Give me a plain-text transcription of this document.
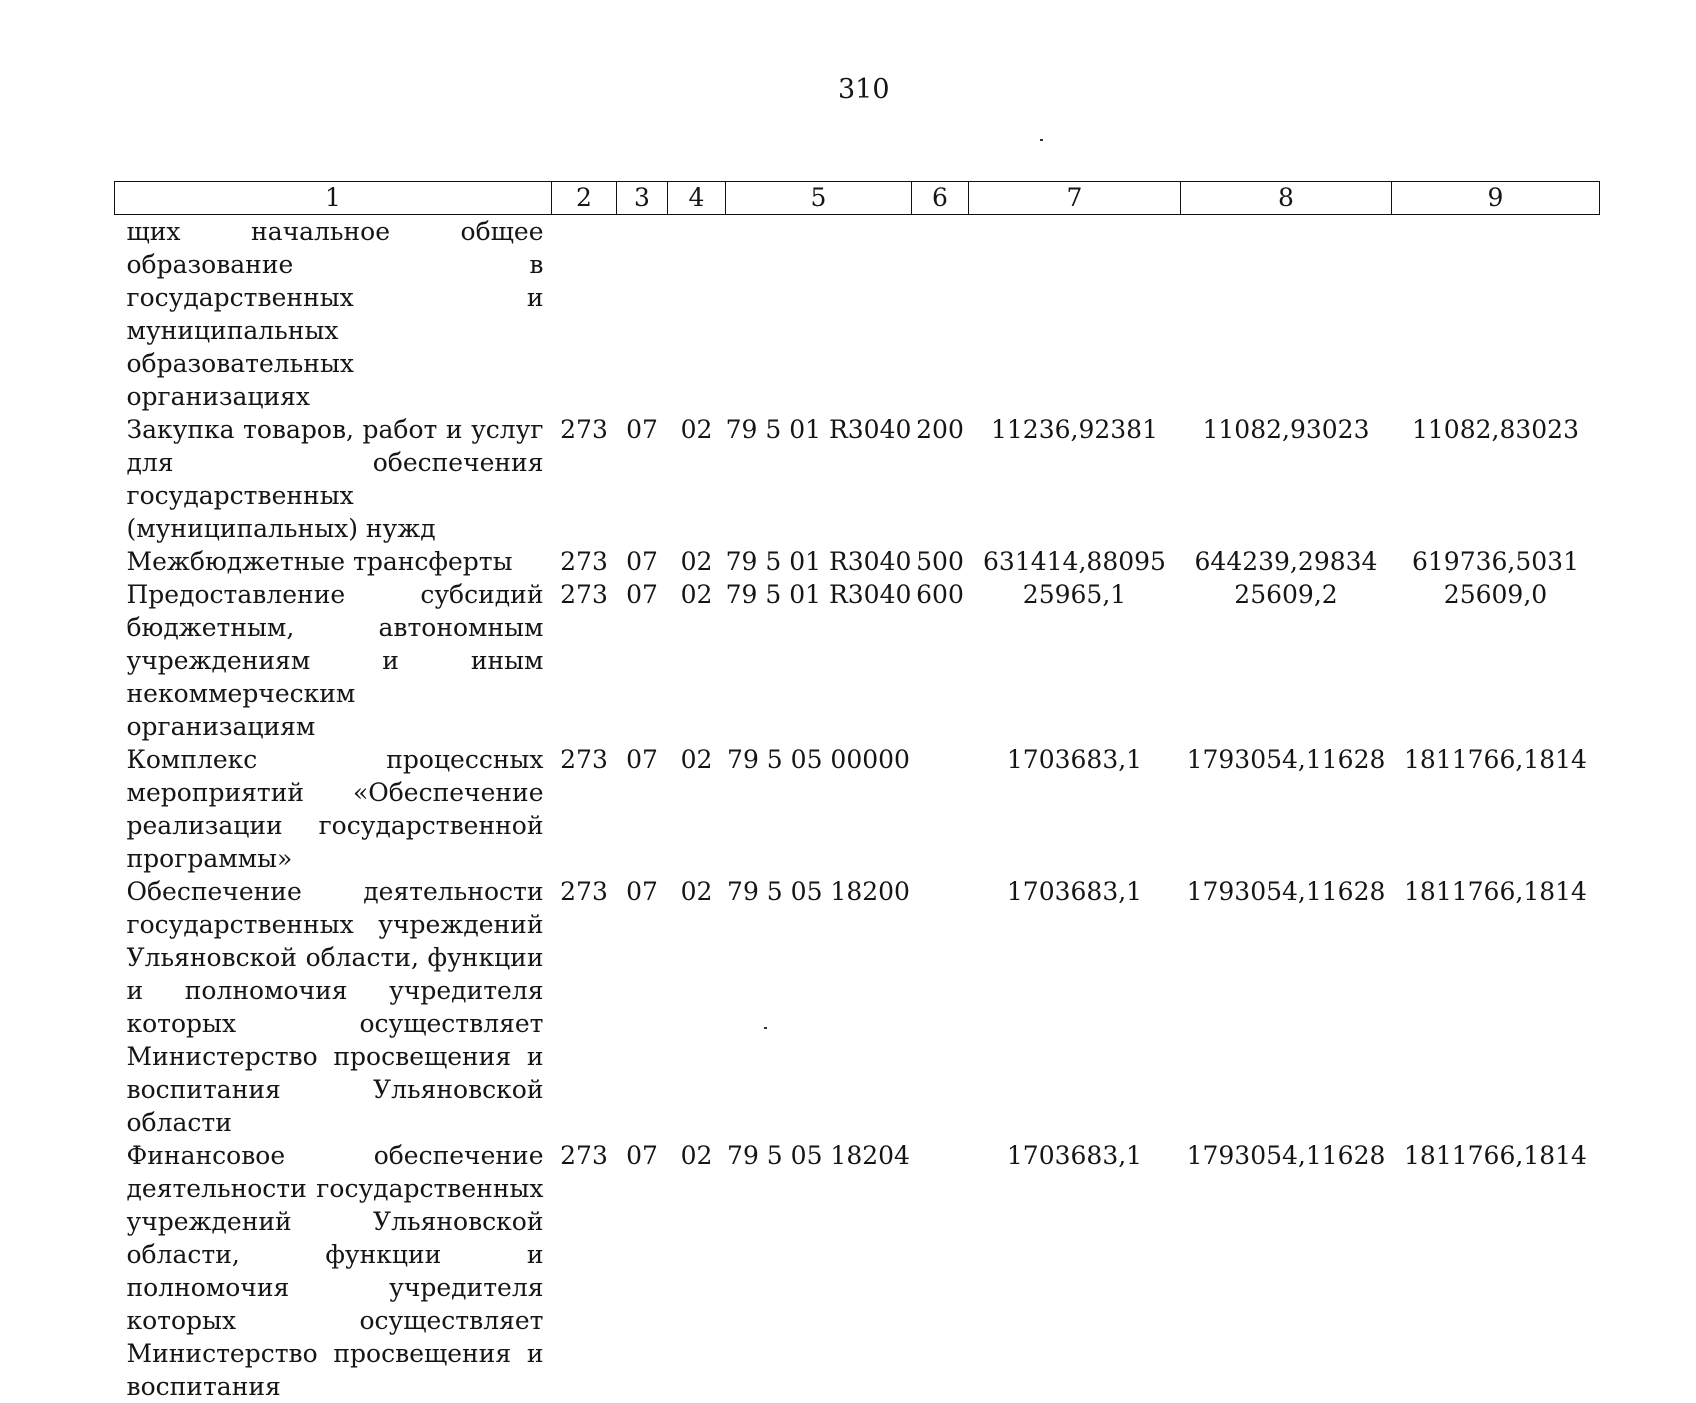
310
1	2	3	4	5	6	7	8	9
щих начальное общее образование в государственных и муниципальных образовательных организациях								
Закупка товаров, работ и услуг для обеспечения государственных (муниципальных) нужд	273	07	02	79 5 01 R3040	200	11236,92381	11082,93023	11082,83023
Межбюджетные трансферты	273	07	02	79 5 01 R3040	500	631414,88095	644239,29834	619736,5031
Предоставление субсидий бюджетным, автономным учреждениям и иным некоммерческим организациям	273	07	02	79 5 01 R3040	600	25965,1	25609,2	25609,0
Комплекс процессных мероприятий «Обеспечение реализации государственной программы»	273	07	02	79 5 05 00000		1703683,1	1793054,11628	1811766,1814
Обеспечение деятельности государственных учреждений Ульяновской области, функции и полномочия учредителя которых осуществляет Министерство просвещения и воспитания Ульяновской области	273	07	02	79 5 05 18200		1703683,1	1793054,11628	1811766,1814
Финансовое обеспечение деятельности государственных учреждений Ульяновской области, функции и полномочия учредителя которых осуществляет Министерство просвещения и воспитания	273	07	02	79 5 05 18204		1703683,1	1793054,11628	1811766,1814
